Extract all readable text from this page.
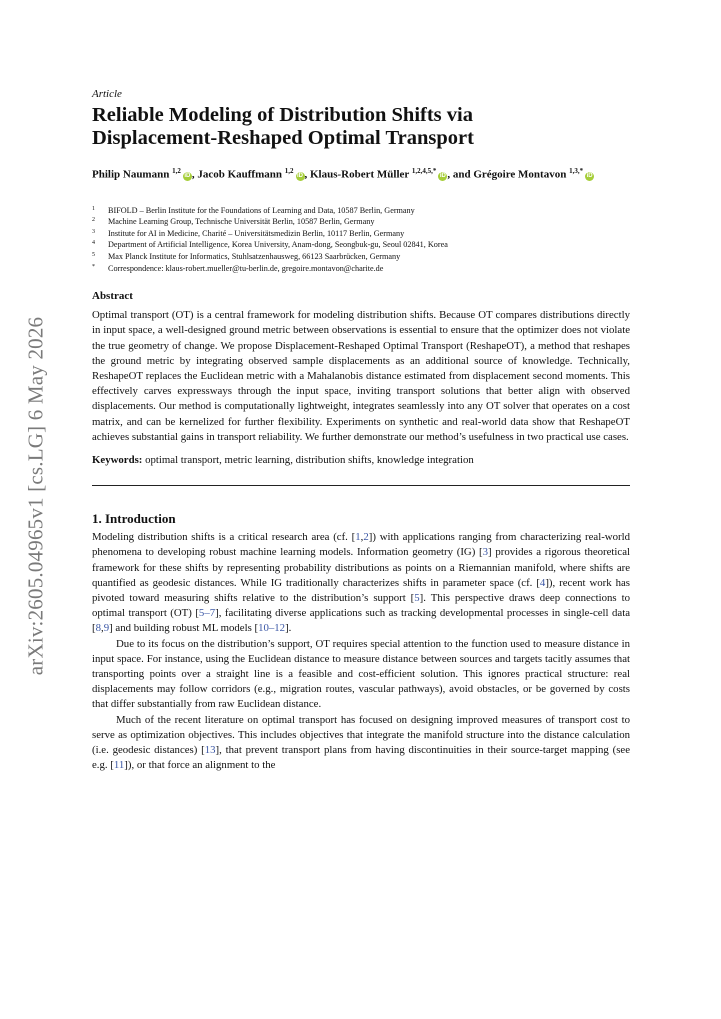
arXiv:2605.04965v1 [cs.LG] 6 May 2026
Article
Reliable Modeling of Distribution Shifts via
Displacement-Reshaped Optimal Transport
Philip Naumann $^{1,2}$iD , Jacob Kauffmann $^{1,2}$iD , Klaus-Robert Müller $^{1,2,4,5,*}$iD , and Grégoire Montavon $^{1,3,*}$iD
1 BIFOLD – Berlin Institute for the Foundations of Learning and Data, 10587 Berlin, Germany
2 Machine Learning Group, Technische Universität Berlin, 10587 Berlin, Germany
3 Institute for AI in Medicine, Charité – Universitätsmedizin Berlin, 10117 Berlin, Germany
4 Department of Artificial Intelligence, Korea University, Anam-dong, Seongbuk-gu, Seoul 02841, Korea
5 Max Planck Institute for Informatics, Stuhlsatzenhausweg, 66123 Saarbrücken, Germany
* Correspondence: klaus-robert.mueller@tu-berlin.de, gregoire.montavon@charite.de
Abstract

Optimal transport (OT) is a central framework for modeling distribution shifts. Because OT compares distributions directly in input space, a well-designed ground metric between observations is essential to ensure that the optimizer does not violate the true geometry of change. We propose Displacement-Reshaped Optimal Transport (ReshapeOT), a method that reshapes the ground metric by integrating observed sample displacements as an additional source of knowledge. Technically, ReshapeOT replaces the Euclidean metric with a Mahalanobis distance estimated from displacement second moments. This effectively carves expressways through the input space, inviting transport solutions that better align with observed displacements. Our method is computationally lightweight, integrates seamlessly into any OT solver that operates on a cost matrix, and can be kernelized for further flexibility. Experiments on synthetic and real-world data show that ReshapeOT achieves substantial gains in transport reliability. We further demonstrate our method’s usefulness in two practical use cases.

Keywords: optimal transport, metric learning, distribution shifts, knowledge integration

1. Introduction

Modeling distribution shifts is a critical research area (cf. [1,2]) with applications ranging from characterizing real-world phenomena to developing robust machine learning models. Information geometry (IG) [3] provides a rigorous theoretical framework for these shifts by representing probability distributions as points on a Riemannian manifold, where shifts are quantified as geodesic distances. While IG traditionally characterizes shifts in parameter space (cf. [4]), recent work has pivoted toward measuring shifts relative to the distribution’s support [5]. This perspective draws deep connections to optimal transport (OT) [5–7], facilitating diverse applications such as tracking developmental processes in single-cell data [8,9] and building robust ML models [10–12].

Due to its focus on the distribution’s support, OT requires special attention to the function used to measure distance in input space. For instance, using the Euclidean distance to measure distance between sources and targets tacitly assumes that transporting points over a straight line is a feasible and cost-efficient solution. This ignores practical structure: real displacements may follow corridors (e.g., migration routes, vascular pathways), avoid obstacles, or be governed by costs that differ substantially from raw Euclidean distance.

Much of the recent literature on optimal transport has focused on designing improved measures of transport cost to serve as optimization objectives. This includes objectives that integrate the manifold structure into the distance calculation (i.e. geodesic distances) [13], that prevent transport plans from having discontinuities in their source-target mapping (see e.g. [11]), or that force an alignment to the
